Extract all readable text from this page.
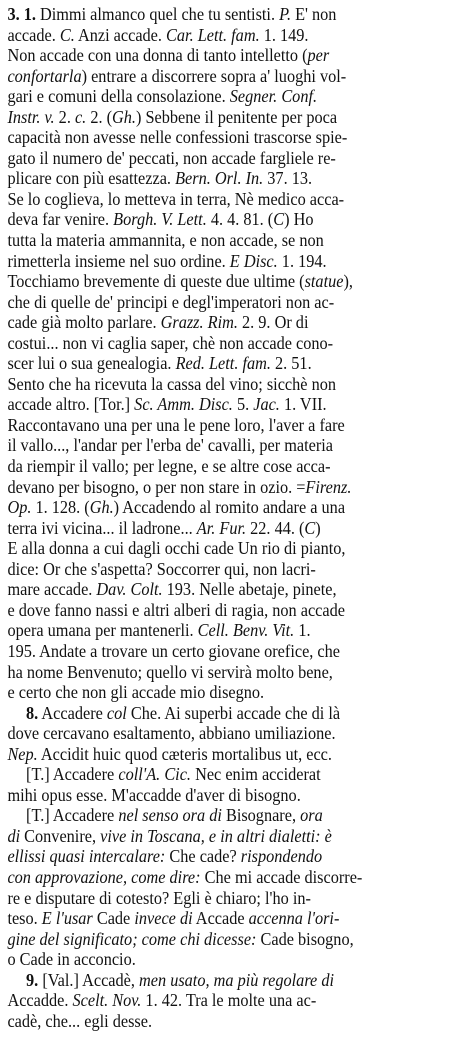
3. 1. Dimmi almanco quel che tu sentisti. P. E' non
accade. C. Anzi accade. Car. Lett. fam. 1. 149.
Non accade con una donna di tanto intelletto (per
confortarla) entrare a discorrere sopra a' luoghi vol-
gari e comuni della consolazione. Segner. Conf.
Instr. v. 2. c. 2. (Gh.) Sebbene il penitente per poca
capacità non avesse nelle confessioni trascorse spie-
gato il numero de' peccati, non accade fargliele re-
plicare con più esattezza. Bern. Orl. In. 37. 13.
Se lo coglieva, lo metteva in terra, Nè medico acca-
deva far venire. Borgh. V. Lett. 4. 4. 81. (C) Ho
tutta la materia ammannita, e non accade, se non
rimetterla insieme nel suo ordine. E Disc. 1. 194.
Tocchiamo brevemente di queste due ultime (statue),
che di quelle de' principi e degl'imperatori non ac-
cade già molto parlare. Grazz. Rim. 2. 9. Or di
costui... non vi caglia saper, chè non accade cono-
scer lui o sua genealogia. Red. Lett. fam. 2. 51.
Sento che ha ricevuta la cassa del vino; sicchè non
accade altro. [Tor.] Sc. Amm. Disc. 5. Jac. 1. VII.
Raccontavano una per una le pene loro, l'aver a fare
il vallo..., l'andar per l'erba de' cavalli, per materia
da riempir il vallo; per legne, e se altre cose acca-
devano per bisogno, o per non stare in ozio. =Firenz.
Op. 1. 128. (Gh.) Accadendo al romito andare a una
terra ivi vicina... il ladrone... Ar. Fur. 22. 44. (C)
E alla donna a cui dagli occhi cade Un rio di pianto,
dice: Or che s'aspetta? Soccorrer qui, non lacri-
mare accade. Dav. Colt. 193. Nelle abetaje, pinete,
e dove fanno nassi e altri alberi di ragia, non accade
opera umana per mantenerli. Cell. Benv. Vit. 1.
195. Andate a trovare un certo giovane orefice, che
ha nome Benvenuto; quello vi servirà molto bene,
e certo che non gli accade mio disegno.
8. Accadere col Che. Ai superbi accade che di là
dove cercavano esaltamento, abbiano umiliazione.
Nep. Accidit huic quod cæteris mortalibus ut, ecc.
[T.] Accadere coll'A. Cic. Nec enim acciderat
mihi opus esse. M'accadde d'aver di bisogno.
[T.] Accadere nel senso ora di Bisognare, ora
di Convenire, vive in Toscana, e in altri dialetti: è
ellissi quasi intercalare: Che cade? rispondendo
con approvazione, come dire: Che mi accade discorre-
re e disputare di cotesto? Egli è chiaro; l'ho in-
teso. E l'usar Cade invece di Accade accenna l'ori-
gine del significato; come chi dicesse: Cade bisogno,
o Cade in acconcio.
9. [Val.] Accadè, men usato, ma più regolare di
Accadde. Scelt. Nov. 1. 42. Tra le molte una ac-
cadè, che... egli desse.
